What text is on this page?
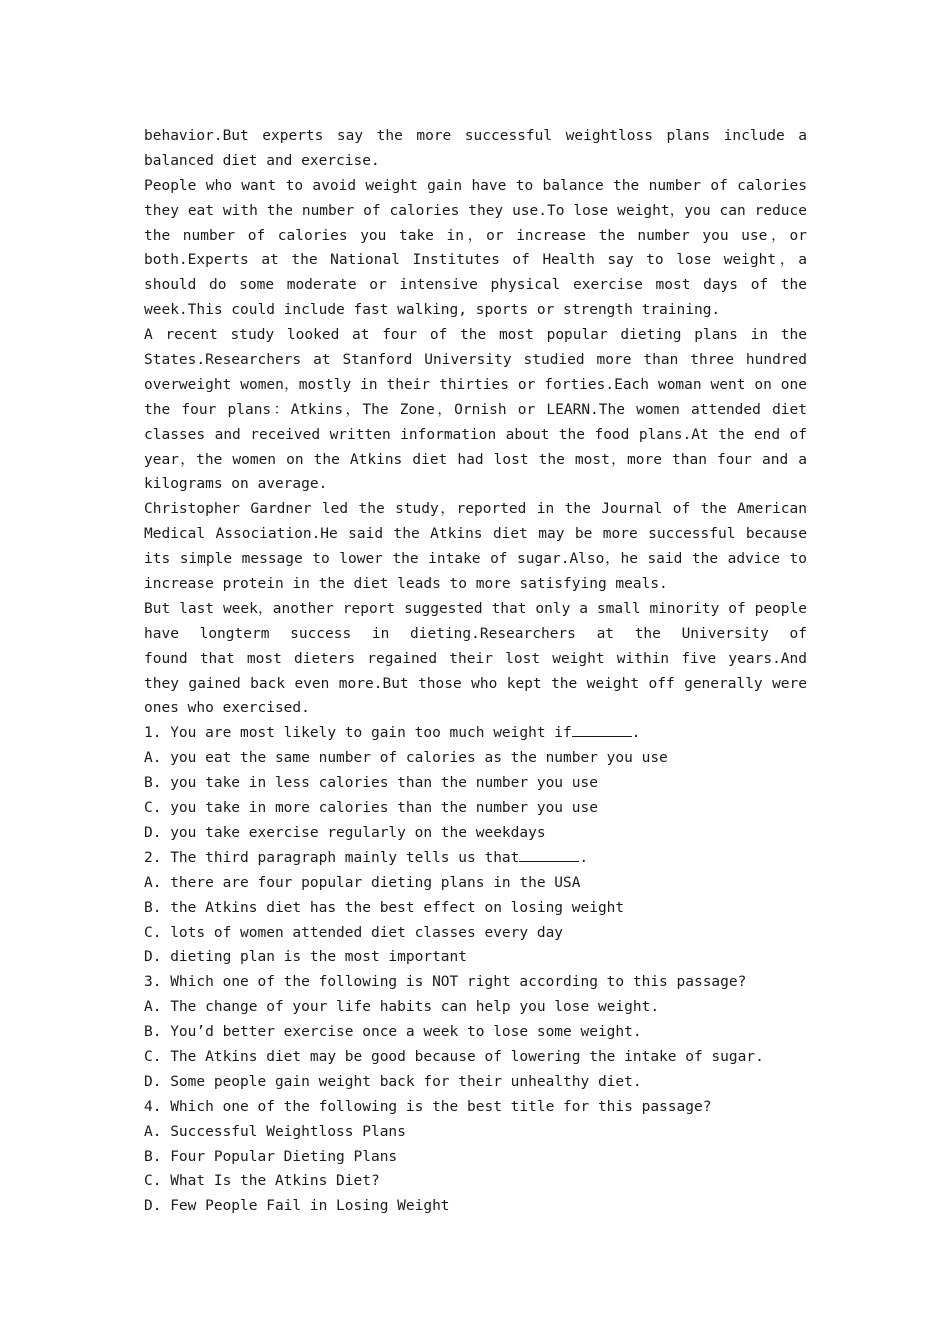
behavior.But experts say the more successful weightloss plans include a
balanced diet and exercise.
People who want to avoid weight gain have to balance the number of calories
they eat with the number of calories they use.To lose weight，you can reduce
the number of calories you take in，or increase the number you use，or
both.Experts at the National Institutes of Health say to lose weight，a
should do some moderate or intensive physical exercise most days of the
week.This could include fast walking, sports or strength training.
A recent study looked at four of the most popular dieting plans in the
States.Researchers at Stanford University studied more than three hundred
overweight women，mostly in their thirties or forties.Each woman went on one
the four plans：Atkins，The Zone，Ornish or LEARN.The women attended diet
classes and received written information about the food plans.At the end of
year，the women on the Atkins diet had lost the most，more than four and a
kilograms on average.
Christopher Gardner led the study，reported in the Journal of the American
Medical Association.He said the Atkins diet may be more successful because
its simple message to lower the intake of sugar.Also，he said the advice to
increase protein in the diet leads to more satisfying meals.
But last week，another report suggested that only a small minority of people
have longterm success in dieting.Researchers at the University of
found that most dieters regained their lost weight within five years.And
they gained back even more.But those who kept the weight off generally were
ones who exercised.
1. You are most likely to gain too much weight if	.
A. you eat the same number of calories as the number you use
B. you take in less calories than the number you use
C. you take in more calories than the number you use
D. you take exercise regularly on the weekdays
2. The third paragraph mainly tells us that	.
A. there are four popular dieting plans in the USA
B. the Atkins diet has the best effect on losing weight
C. lots of women attended diet classes every day
D. dieting plan is the most important
3. Which one of the following is NOT right according to this passage?
A. The change of your life habits can help you lose weight.
B. You’d better exercise once a week to lose some weight.
C. The Atkins diet may be good because of lowering the intake of sugar.
D. Some people gain weight back for their unhealthy diet.
4. Which one of the following is the best title for this passage?
A. Successful Weightloss Plans
B. Four Popular Dieting Plans
C. What Is the Atkins Diet?
D. Few People Fail in Losing Weight
